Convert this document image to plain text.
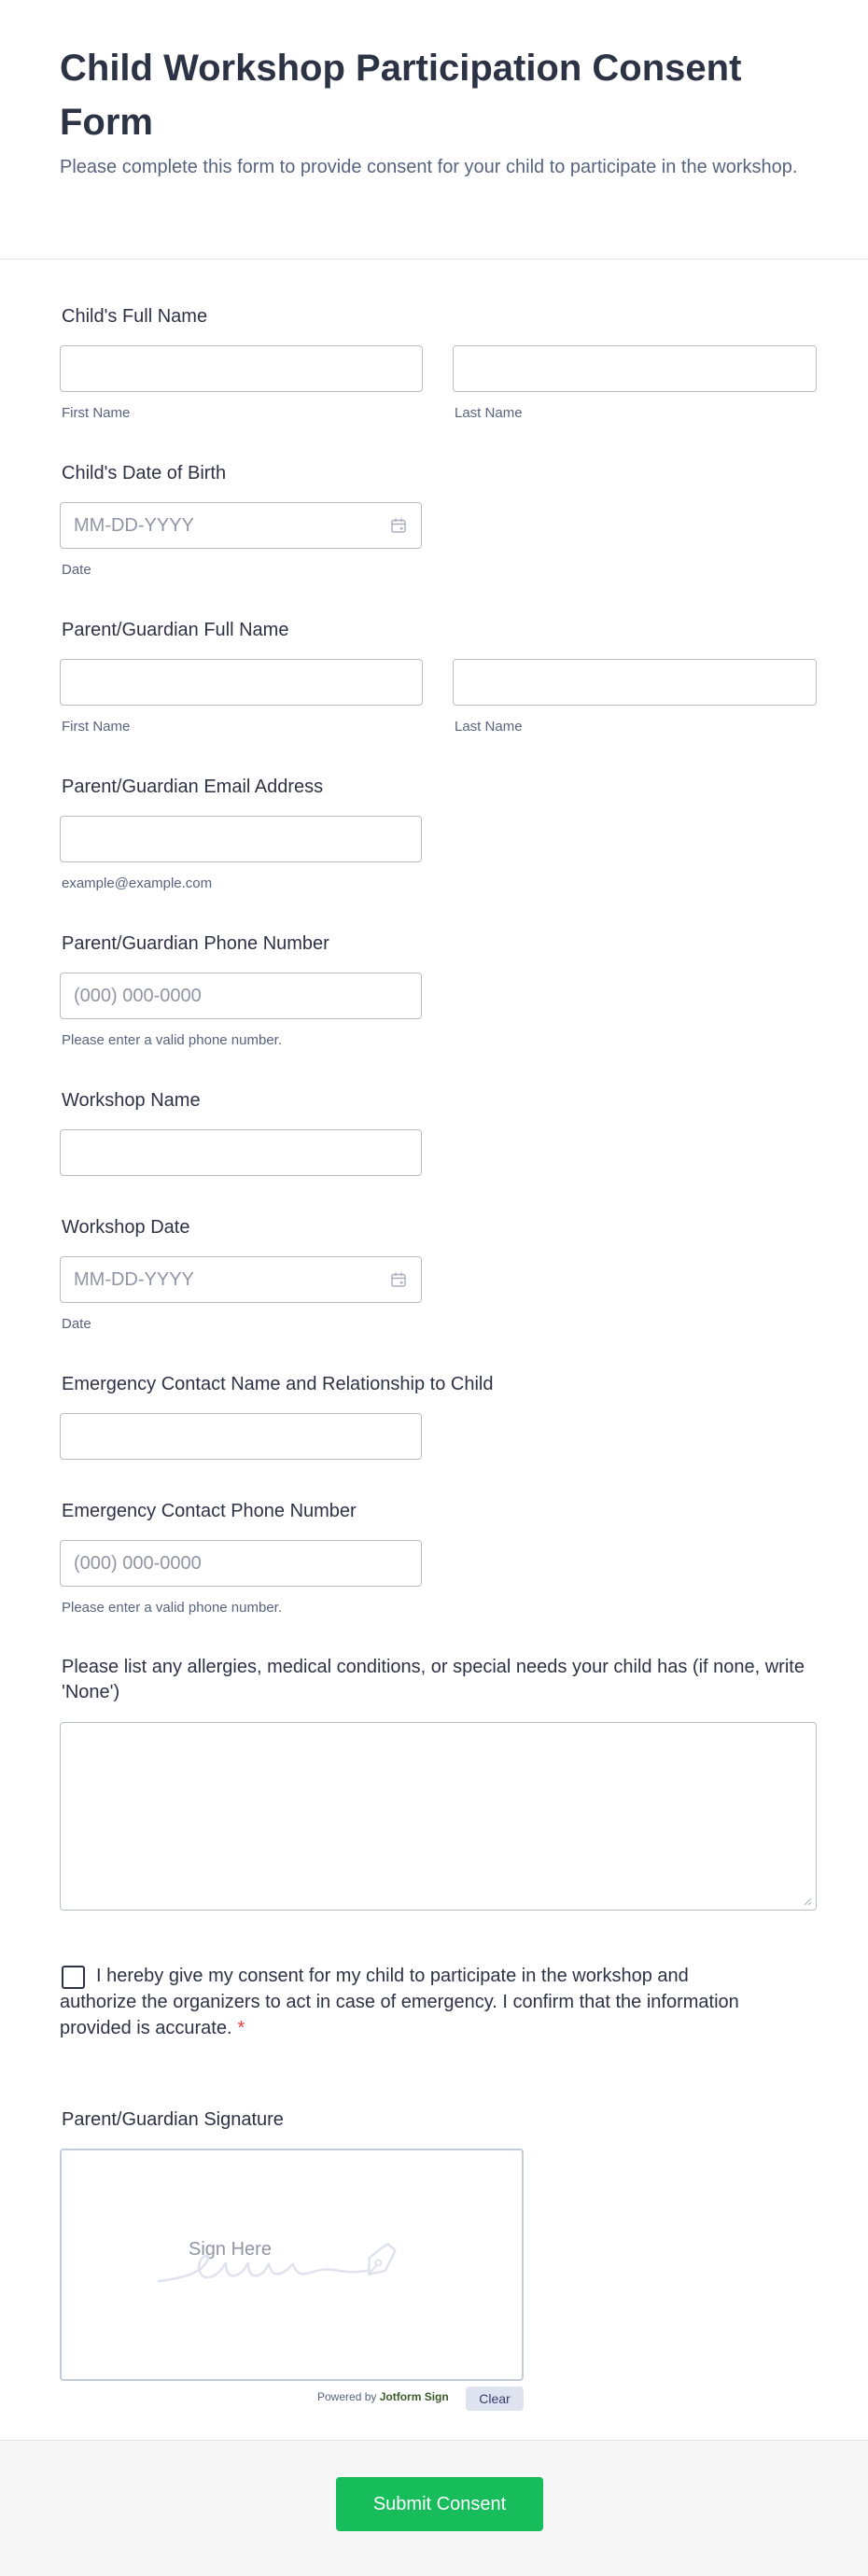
Child Workshop Participation Consent Form

Please complete this form to provide consent for your child to participate in the workshop.

Child's Full Name
First Name	Last Name
Child's Date of Birth
MM-DD-YYYY
Date
Parent/Guardian Full Name
First Name	Last Name
Parent/Guardian Email Address
example@example.com
Parent/Guardian Phone Number
(000) 000-0000
Please enter a valid phone number.
Workshop Name
Workshop Date
MM-DD-YYYY
Date
Emergency Contact Name and Relationship to Child
Emergency Contact Phone Number
(000) 000-0000
Please enter a valid phone number.
Please list any allergies, medical conditions, or special needs your child has (if none, write 'None')

I hereby give my consent for my child to participate in the workshop and authorize the organizers to act in case of emergency. I confirm that the information provided is accurate. *

Parent/Guardian Signature
Sign Here
Powered by Jotform Sign	Clear
Submit Consent
